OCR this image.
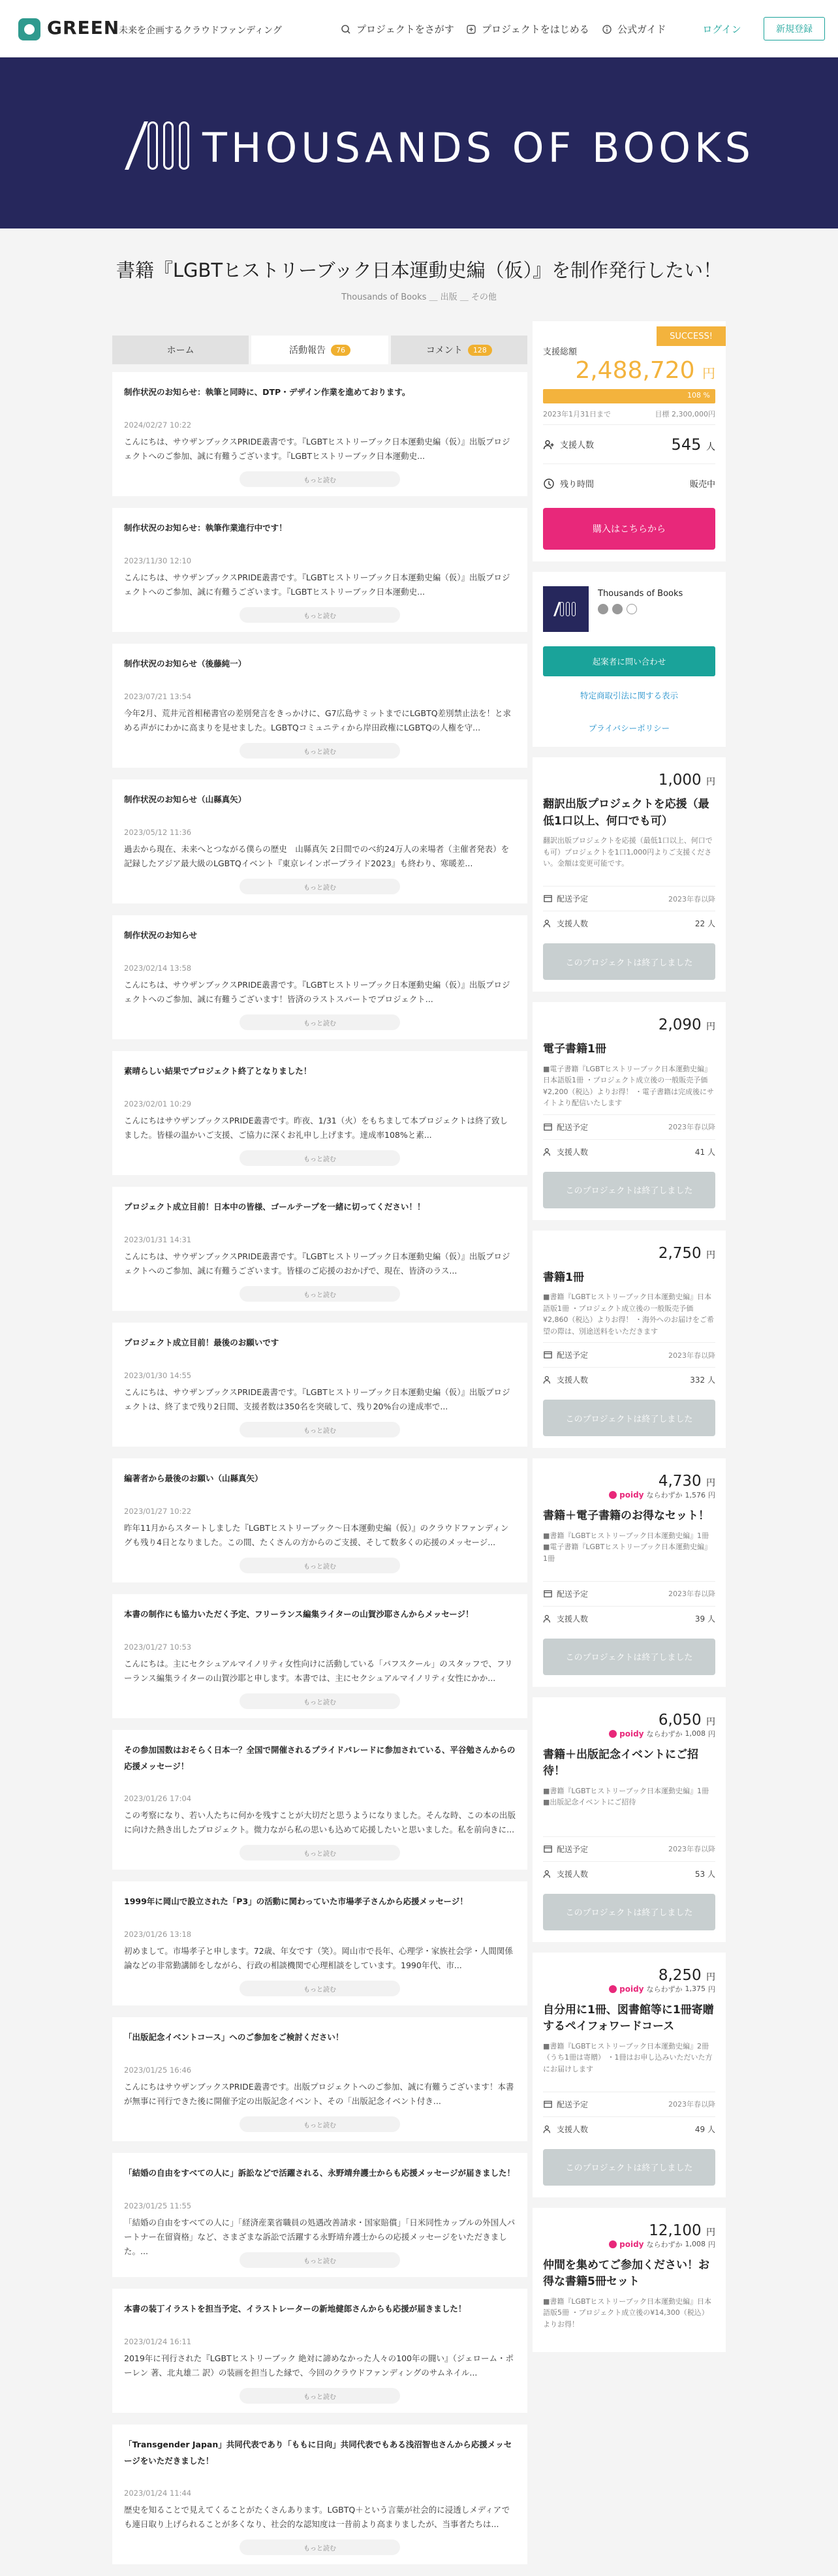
GREEN
未来を企画するクラウドファンディング	プロジェクトをさがす	プロジェクトをはじめる	公式ガイド	ログイン	新規登録
THOUSANDS OF BOOKS
書籍『LGBTヒストリーブック日本運動史編（仮）』を制作発行したい！
Thousands of Books ＿ 出版 ＿ その他
ホーム	活動報告	76	コメント	128
制作状況のお知らせ：執筆と同時に、DTP・デザイン作業を進めております。
2024/02/27 10:22
こんにちは、サウザンブックスPRIDE叢書です。『LGBTヒストリーブック日本運動史編（仮）』出版プロジェクトへのご参加、誠に有難うございます。『LGBTヒストリーブック日本運動史...
もっと読む
制作状況のお知らせ：執筆作業進行中です！
2023/11/30 12:10
こんにちは、サウザンブックスPRIDE叢書です。『LGBTヒストリーブック日本運動史編（仮）』出版プロジェクトへのご参加、誠に有難うございます。『LGBTヒストリーブック日本運動史...
もっと読む
制作状況のお知らせ（後藤純一）
2023/07/21 13:54
今年2月、荒井元首相秘書官の差別発言をきっかけに、G7広島サミットまでにLGBTQ差別禁止法を！と求める声がにわかに高まりを見せました。LGBTQコミュニティから岸田政権にLGBTQの人権を守...
もっと読む
制作状況のお知らせ（山縣真矢）
2023/05/12 11:36
過去から現在、未来へとつながる僕らの歴史　山縣真矢 2日間でのべ約24万人の来場者（主催者発表）を記録したアジア最大級のLGBTQイベント『東京レインボープライド2023』も終わり、寒暖差...
もっと読む
制作状況のお知らせ
2023/02/14 13:58
こんにちは、サウザンブックスPRIDE叢書です。『LGBTヒストリーブック日本運動史編（仮）』出版プロジェクトへのご参加、誠に有難うございます！皆済のラストスパートでプロジェクト...
もっと読む
素晴らしい結果でプロジェクト終了となりました！
2023/02/01 10:29
こんにちはサウザンブックスPRIDE叢書です。昨夜、1/31（火）をもちまして本プロジェクトは終了致しました。皆様の温かいご支援、ご協力に深くお礼申し上げます。達成率108%と素...
もっと読む
プロジェクト成立目前！日本中の皆様、ゴールテープを一緒に切ってください！！
2023/01/31 14:31
こんにちは、サウザンブックスPRIDE叢書です。『LGBTヒストリーブック日本運動史編（仮）』出版プロジェクトへのご参加、誠に有難うございます。皆様のご応援のおかげで、現在、皆済のラス...
もっと読む
プロジェクト成立目前！最後のお願いです
2023/01/30 14:55
こんにちは、サウザンブックスPRIDE叢書です。『LGBTヒストリーブック日本運動史編（仮）』出版プロジェクトは、終了まで残り2日間、支援者数は350名を突破して、残り20%台の達成率で...
もっと読む
編著者から最後のお願い（山縣真矢）
2023/01/27 10:22
昨年11月からスタートしました『LGBTヒストリーブック〜日本運動史編（仮）』のクラウドファンディングも残り4日となりました。この間、たくさんの方からのご支援、そして数多くの応援のメッセージ...
もっと読む
本書の制作にも協力いただく予定、フリーランス編集ライターの山賀沙耶さんからメッセージ！
2023/01/27 10:53
こんにちは。主にセクシュアルマイノリティ女性向けに活動している「パフスクール」のスタッフで、フリーランス編集ライターの山賀沙耶と申します。本書では、主にセクシュアルマイノリティ女性にかか...
もっと読む
その参加国数はおそらく日本一？全国で開催されるプライドパレードに参加されている、平谷勉さんからの応援メッセージ！
2023/01/26 17:04
この考察になり、若い人たちに何かを残すことが大切だと思うようになりました。そんな時、この本の出版に向けた熱き出したプロジェクト。微力ながら私の思いも込めて応援したいと思いました。私を前向きに...
もっと読む
1999年に岡山で設立された「P3」の活動に関わっていた市場孝子さんから応援メッセージ！
2023/01/26 13:18
初めまして。市場孝子と申します。72歳、年女です（笑）。岡山市で長年、心理学・家族社会学・人間関係論などの非常勤講師をしながら、行政の相談機関で心理相談をしています。1990年代、市...
もっと読む
「出版記念イベントコース」へのご参加をご検討ください！
2023/01/25 16:46
こんにちはサウザンブックスPRIDE叢書です。出版プロジェクトへのご参加、誠に有難うございます！本書が無事に刊行できた後に開催予定の出版記念イベント、その「出版記念イベント付き...
もっと読む
「結婚の自由をすべての人に」訴訟などで活躍される、永野靖弁護士からも応援メッセージが届きました！
2023/01/25 11:55
「結婚の自由をすべての人に」「経済産業省職員の処遇改善請求・国家賠償」「日米同性カップルの外国人パートナー在留資格」など、さまざまな訴訟で活躍する永野靖弁護士からの応援メッセージをいただきました。...
もっと読む
本書の装丁イラストを担当予定、イラストレーターの新地健郎さんからも応援が届きました！
2023/01/24 16:11
2019年に刊行された『LGBTヒストリーブック 絶対に諦めなかった人々の100年の闘い』（ジェローム・ポーレン 著、北丸雄二 訳）の装画を担当した縁で、今回のクラウドファンディングのサムネイル...
もっと読む
「Transgender Japan」共同代表であり「ももに日向」共同代表でもある浅沼智也さんから応援メッセージをいただきました！
2023/01/24 11:44
歴史を知ることで見えてくることがたくさんあります。LGBTQ＋という言葉が社会的に浸透しメディアでも連日取り上げられることが多くなり、社会的な認知度は一昔前より高まりましたが、当事者たちは...
もっと読む
SUCCESS!
支援総額
2,488,720 円
108 %
2023年1月31日まで	目標 2,300,000円
支援人数	545 人
残り時間	販売中
購入はこちらから
Thousands of Books
起案者に問い合わせ
特定商取引法に関する表示
プライバシーポリシー
1,000 円
翻訳出版プロジェクトを応援（最低1口以上、何口でも可）
翻訳出版プロジェクトを応援（最低1口以上、何口でも可）プロジェクトを1口1,000円よりご支援ください。金額は変更可能です。
配送予定	2023年春以降
支援人数	22 人
このプロジェクトは終了しました
2,090 円
電子書籍1冊
■電子書籍『LGBTヒストリーブック日本運動史編』日本語版1冊 ・プロジェクト成立後の一般販売予価¥2,200（税込）よりお得！ ・電子書籍は完成後にサイトより配信いたします
配送予定	2023年春以降
支援人数	41 人
このプロジェクトは終了しました
2,750 円
書籍1冊
■書籍『LGBTヒストリーブック日本運動史編』日本語版1冊 ・プロジェクト成立後の一般販売予価¥2,860（税込）よりお得！ ・海外へのお届けをご希望の際は、別途送料をいただきます
配送予定	2023年春以降
支援人数	332 人
このプロジェクトは終了しました
4,730 円
poidy ならわずか 1,576 円
書籍＋電子書籍のお得なセット！
■書籍『LGBTヒストリーブック日本運動史編』1冊 ■電子書籍『LGBTヒストリーブック日本運動史編』1冊
配送予定	2023年春以降
支援人数	39 人
このプロジェクトは終了しました
6,050 円
poidy ならわずか 1,008 円
書籍＋出版記念イベントにご招待！
■書籍『LGBTヒストリーブック日本運動史編』1冊 ■出版記念イベントにご招待
配送予定	2023年春以降
支援人数	53 人
このプロジェクトは終了しました
8,250 円
poidy ならわずか 1,375 円
自分用に1冊、図書館等に1冊寄贈するペイフォワードコース
■書籍『LGBTヒストリーブック日本運動史編』2冊（うち1冊は寄贈） ・1冊はお申し込みいただいた方にお届けします
配送予定	2023年春以降
支援人数	49 人
このプロジェクトは終了しました
12,100 円
poidy ならわずか 1,008 円
仲間を集めてご参加ください！お得な書籍5冊セット
■書籍『LGBTヒストリーブック日本運動史編』日本語版5冊 ・プロジェクト成立後の¥14,300（税込）よりお得！
